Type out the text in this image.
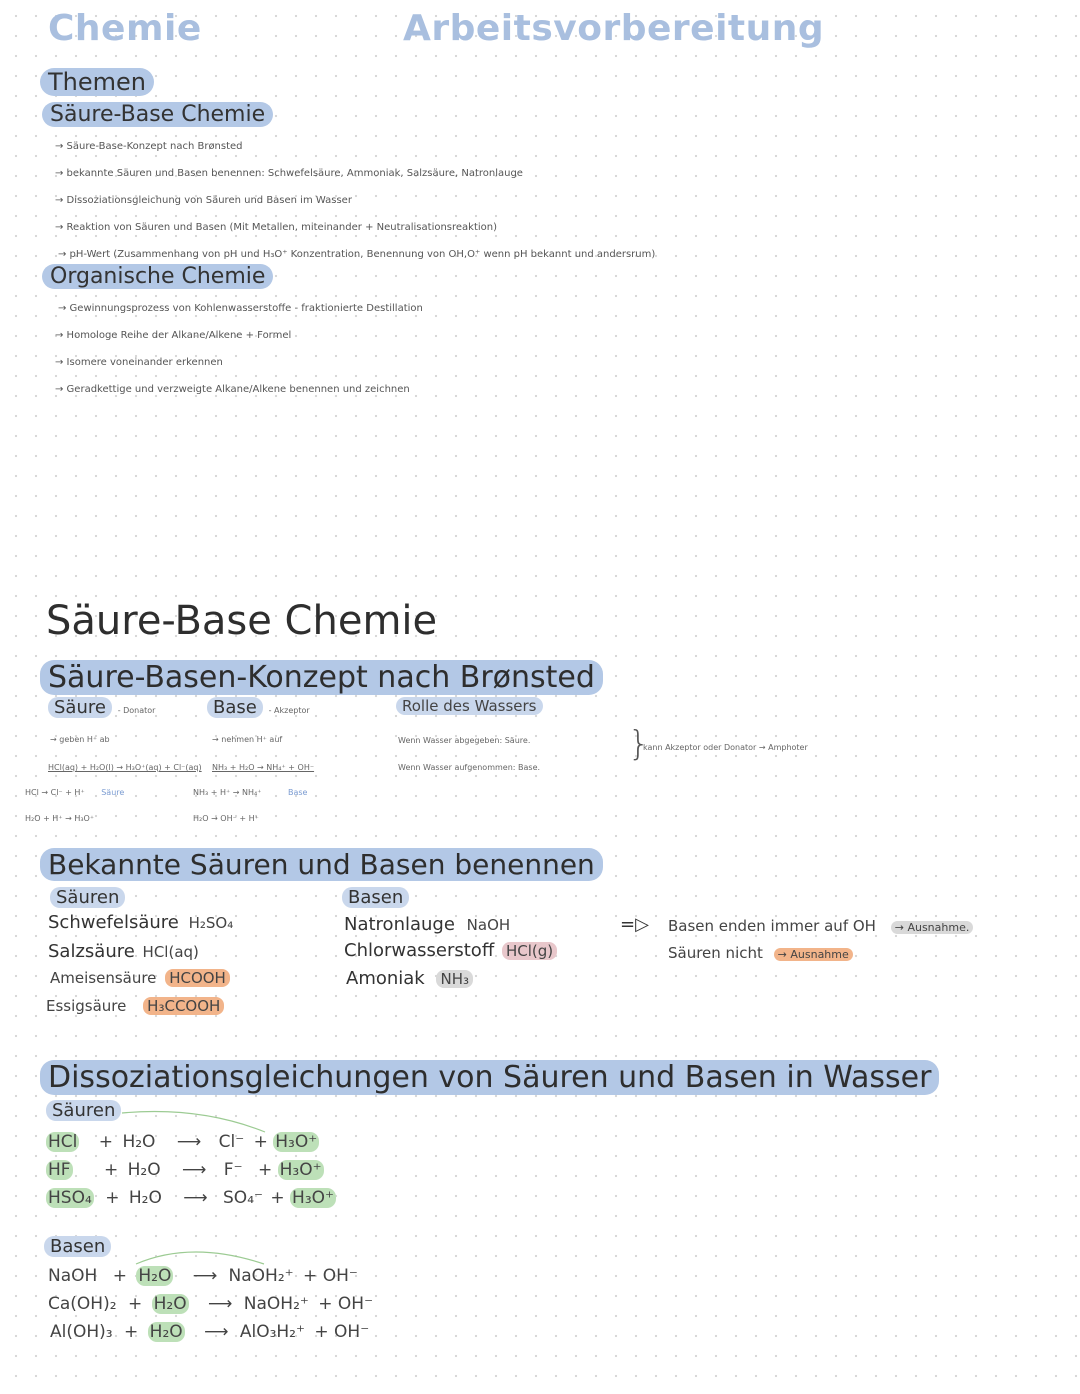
Chemie	Arbeitsvorbereitung
Themen
Säure-Base Chemie
→ Säure-Base-Konzept nach Brønsted
→ bekannte Säuren und Basen benennen: Schwefelsäure, Ammoniak, Salzsäure, Natronlauge
→ Dissoziationsgleichung von Säuren und Basen im Wasser
→ Reaktion von Säuren und Basen (Mit Metallen, miteinander + Neutralisationsreaktion)
→ pH-Wert (Zusammenhang von pH und H₃O⁺ Konzentration, Benennung von OH,O⁺ wenn pH bekannt und andersrum)
Organische Chemie
→ Gewinnungsprozess von Kohlenwasserstoffe - fraktionierte Destillation
→ Homologe Reihe der Alkane/Alkene + Formel
→ Isomere voneinander erkennen
→ Geradkettige und verzweigte Alkane/Alkene benennen und zeichnen
Säure-Base Chemie
Säure-Basen-Konzept nach Brønsted
Säure - Donator
→ geben H⁺ ab
HCl(aq) + H₂O(l) → H₃O⁺(aq) + Cl⁻(aq)
HCl → Cl⁻ + H⁺ Säure
H₂O + H⁺ → H₃O⁺
Base - Akzeptor
→ nehmen H⁺ auf
NH₃ + H₂O → NH₄⁺ + OH⁻
NH₃ + H⁺ → NH₄⁺	Base
H₂O → OH⁻ + H⁺
Rolle des Wassers
Wenn Wasser abgegeben: Säure.
Wenn Wasser aufgenommen: Base.
}
kann Akzeptor oder Donator → Amphoter
Bekannte Säuren und Basen benennen
Säuren	Basen
Schwefelsäure H₂SO₄
Salzsäure HCl(aq)
Ameisensäure HCOOH
Essigsäure H₃CCOOH
Natronlauge NaOH
Chlorwasserstoff HCl(g)
Amoniak NH₃
=▷ Basen enden immer auf OH → Ausnahme.
Säuren nicht → Ausnahme
Dissoziationsgleichungen von Säuren und Basen in Wasser
Säuren
HCl + H₂O ⟶ Cl⁻ + H₃O⁺
HF + H₂O ⟶ F⁻ + H₃O⁺
HSO₄ + H₂O ⟶ SO₄⁻ + H₃O⁺
Basen
NaOH + H₂O ⟶ NaOH₂⁺ + OH⁻
Ca(OH)₂ + H₂O ⟶ NaOH₂⁺ + OH⁻
Al(OH)₃ + H₂O ⟶ AlO₃H₂⁺ + OH⁻
